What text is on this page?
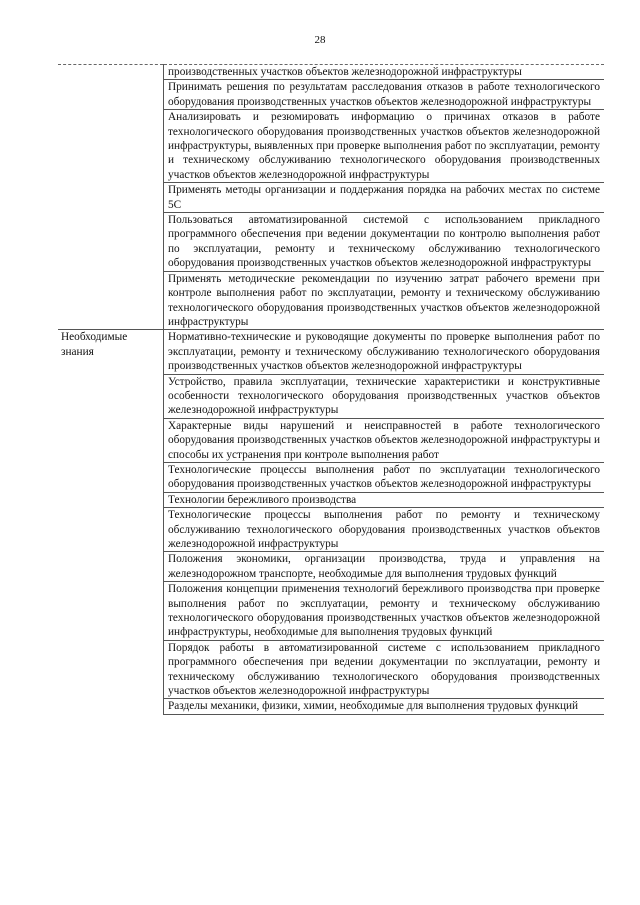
28
	производственных участков объектов железнодорожной инфраструктуры
	Принимать решения по результатам расследования отказов в работе технологического оборудования производственных участков объектов железнодорожной инфраструктуры
	Анализировать и резюмировать информацию о причинах отказов в работе технологического оборудования производственных участков объектов железнодорожной инфраструктуры, выявленных при проверке выполнения работ по эксплуатации, ремонту и техническому обслуживанию технологического оборудования производственных участков объектов железнодорожной инфраструктуры
	Применять методы организации и поддержания порядка на рабочих местах по системе 5С
	Пользоваться автоматизированной системой с использованием прикладного программного обеспечения при ведении документации по контролю выполнения работ по эксплуатации, ремонту и техническому обслуживанию технологического оборудования производственных участков объектов железнодорожной инфраструктуры
	Применять методические рекомендации по изучению затрат рабочего времени при контроле выполнения работ по эксплуатации, ремонту и техническому обслуживанию технологического оборудования производственных участков объектов железнодорожной инфраструктуры
Необходимые знания	Нормативно-технические и руководящие документы по проверке выполнения работ по эксплуатации, ремонту и техническому обслуживанию технологического оборудования производственных участков объектов железнодорожной инфраструктуры
	Устройство, правила эксплуатации, технические характеристики и конструктивные особенности технологического оборудования производственных участков объектов железнодорожной инфраструктуры
	Характерные виды нарушений и неисправностей в работе технологического оборудования производственных участков объектов железнодорожной инфраструктуры и способы их устранения при контроле выполнения работ
	Технологические процессы выполнения работ по эксплуатации технологического оборудования производственных участков объектов железнодорожной инфраструктуры
	Технологии бережливого производства
	Технологические процессы выполнения работ по ремонту и техническому обслуживанию технологического оборудования производственных участков объектов железнодорожной инфраструктуры
	Положения экономики, организации производства, труда и управления на железнодорожном транспорте, необходимые для выполнения трудовых функций
	Положения концепции применения технологий бережливого производства при проверке выполнения работ по эксплуатации, ремонту и техническому обслуживанию технологического оборудования производственных участков объектов железнодорожной инфраструктуры, необходимые для выполнения трудовых функций
	Порядок работы в автоматизированной системе с использованием прикладного программного обеспечения при ведении документации по эксплуатации, ремонту и техническому обслуживанию технологического оборудования производственных участков объектов железнодорожной инфраструктуры
	Разделы механики, физики, химии, необходимые для выполнения трудовых функций
